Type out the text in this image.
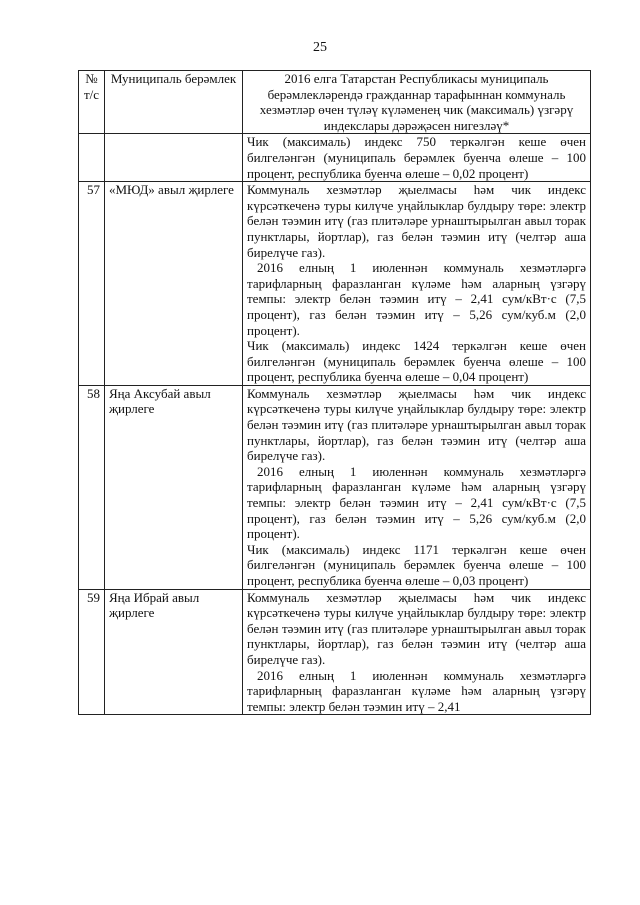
25
№ т/с	Муниципаль берәмлек	2016 елга Татарстан Республикасы муниципаль берәмлекләрендә гражданнар тарафыннан коммуналь хезмәтләр өчен түләү күләменең чик (максималь) үзгәрү индекслары дәрәҗәсен нигезләү*

		Чик (максималь) индекс 750 теркәлгән кеше өчен билгеләнгән (муниципаль берәмлек буенча өлеше – 100 процент, республика буенча өлеше – 0,02 процент)

57	«МЮД» авыл җирлеге	Коммуналь хезмәтләр җыелмасы һәм чик индекс күрсәткеченә туры килүче уңайлыклар булдыру төре: электр белән тәэмин итү (газ плитәләре урнаштырылган авыл торак пунктлары, йортлар), газ белән тәэмин итү (челтәр аша бирелүче газ).

2016 елның 1 июленнән коммуналь хезмәтләргә тарифларның фаразланган күләме һәм аларның үзгәрү темпы: электр белән тәэмин итү – 2,41 сум/кВт·с (7,5 процент), газ белән тәэмин итү – 5,26 сум/куб.м (2,0 процент).

Чик (максималь) индекс 1424 теркәлгән кеше өчен билгеләнгән (муниципаль берәмлек буенча өлеше – 100 процент, республика буенча өлеше – 0,04 процент)

58	Яңа Аксубай авыл җирлеге	Коммуналь хезмәтләр җыелмасы һәм чик индекс күрсәткеченә туры килүче уңайлыклар булдыру төре: электр белән тәэмин итү (газ плитәләре урнаштырылган авыл торак пунктлары, йортлар), газ белән тәэмин итү (челтәр аша бирелүче газ).

2016 елның 1 июленнән коммуналь хезмәтләргә тарифларның фаразланган күләме һәм аларның үзгәрү темпы: электр белән тәэмин итү – 2,41 сум/кВт·с (7,5 процент), газ белән тәэмин итү – 5,26 сум/куб.м (2,0 процент).

Чик (максималь) индекс 1171 теркәлгән кеше өчен билгеләнгән (муниципаль берәмлек буенча өлеше – 100 процент, республика буенча өлеше – 0,03 процент)

59	Яңа Ибрай авыл җирлеге	Коммуналь хезмәтләр җыелмасы һәм чик индекс күрсәткеченә туры килүче уңайлыклар булдыру төре: электр белән тәэмин итү (газ плитәләре урнаштырылган авыл торак пунктлары, йортлар), газ белән тәэмин итү (челтәр аша бирелүче газ).

2016 елның 1 июленнән коммуналь хезмәтләргә тарифларның фаразланган күләме һәм аларның үзгәрү темпы: электр белән тәэмин итү – 2,41
